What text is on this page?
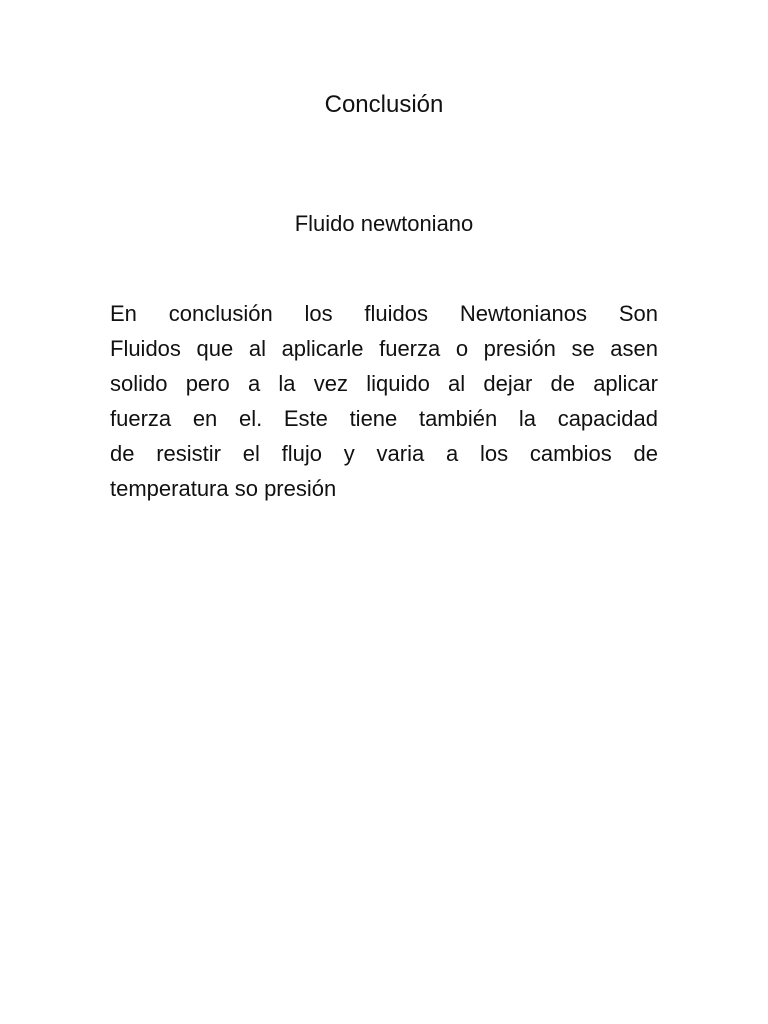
Conclusión
Fluido newtoniano
En conclusión los fluidos Newtonianos Son
Fluidos que al aplicarle fuerza o presión se asen
solido pero a la vez liquido al dejar de aplicar
fuerza en el. Este tiene también la capacidad
de resistir el flujo y varia a los cambios de
temperatura so presión
